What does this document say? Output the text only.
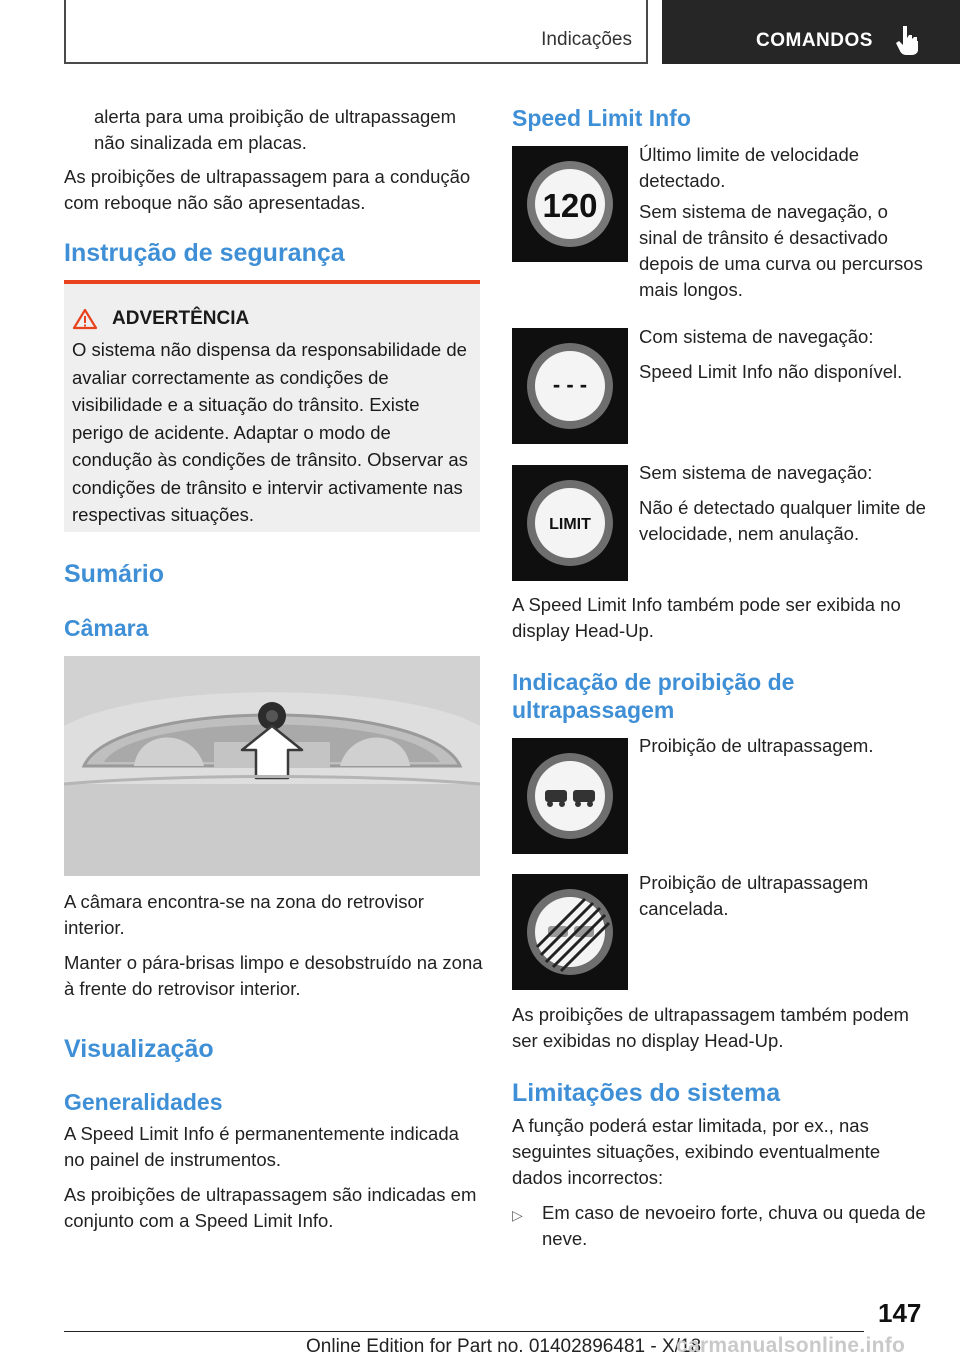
Indicações	COMANDOS

alerta para uma proibição de ultrapassagem não sinalizada em placas.

As proibições de ultrapassagem para a condução com reboque não são apresentadas.

Instrução de segurança
ADVERTÊNCIA
O sistema não dispensa da responsabilidade de avaliar correctamente as condições de visibilidade e a situação do trânsito. Existe perigo de acidente. Adaptar o modo de condução às condições de trânsito. Observar as condições de trânsito e intervir activamente nas respectivas situações.
Sumário
Câmara

A câmara encontra-se na zona do retrovisor interior.

Manter o pára-brisas limpo e desobstruído na zona à frente do retrovisor interior.

Visualização
Generalidades

A Speed Limit Info é permanentemente indicada no painel de instrumentos.

As proibições de ultrapassagem são indicadas em conjunto com a Speed Limit Info.

Speed Limit Info
120

Último limite de velocidade detectado.

Sem sistema de navegação, o sinal de trânsito é desactivado depois de uma curva ou percursos mais longos.

- - -

Com sistema de navegação:

Speed Limit Info não disponível.

LIMIT

Sem sistema de navegação:

Não é detectado qualquer limite de velocidade, nem anulação.

A Speed Limit Info também pode ser exibida no display Head-Up.

Indicação de proibição de ultrapassagem

Proibição de ultrapassagem.

Proibição de ultrapassagem cancelada.

As proibições de ultrapassagem também podem ser exibidas no display Head-Up.

Limitações do sistema

A função poderá estar limitada, por ex., nas seguintes situações, exibindo eventualmente dados incorrectos:

▷	Em caso de nevoeiro forte, chuva ou queda de neve.
147
Online Edition for Part no. 01402896481 - X/18
carmanualsonline.info
